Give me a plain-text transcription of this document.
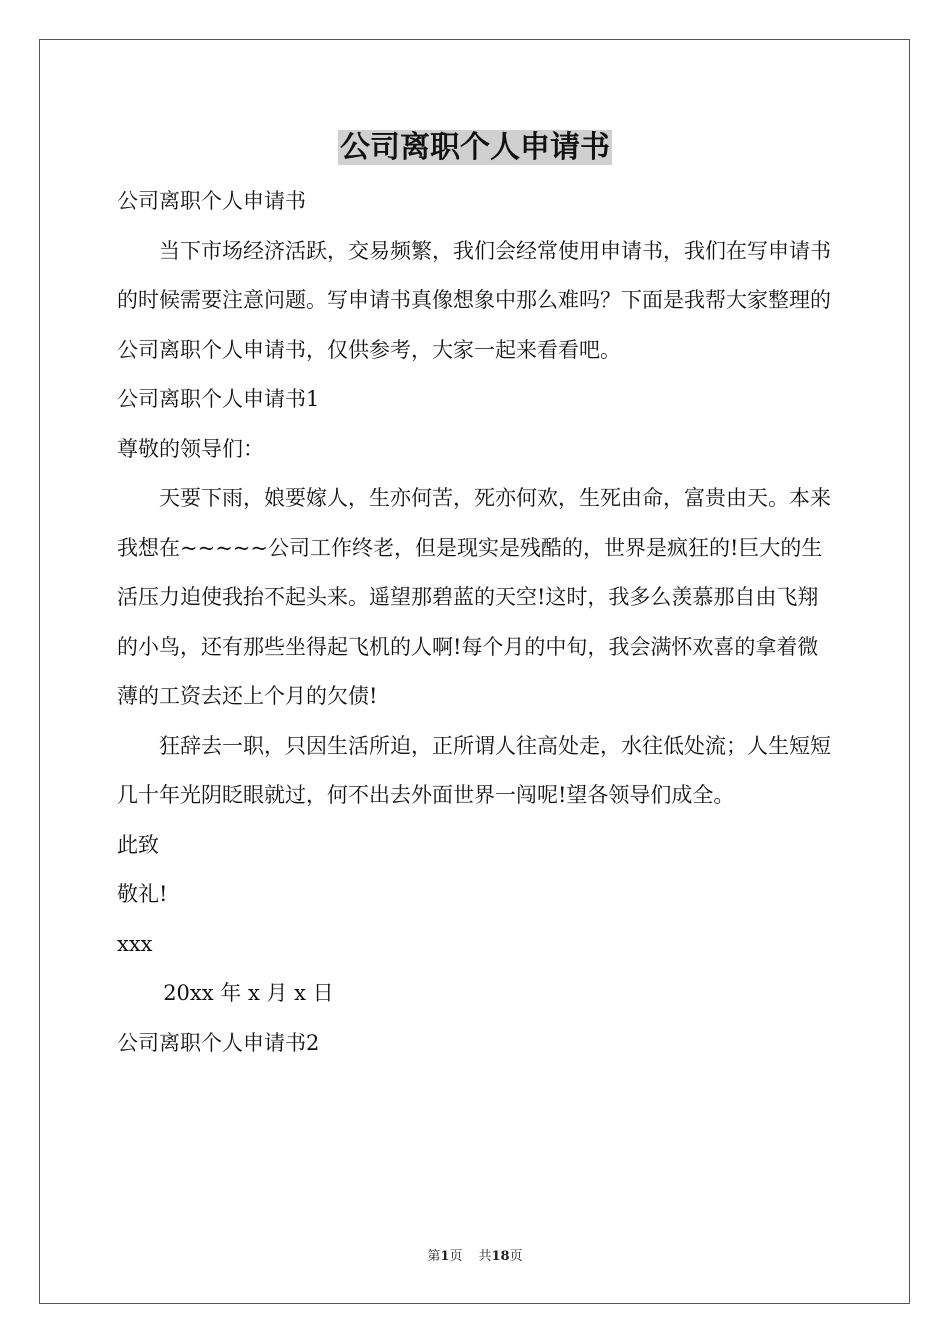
公司离职个人申请书

公司离职个人申请书

当下市场经济活跃，交易频繁，我们会经常使用申请书，我们在写申请书的时候需要注意问题。写申请书真像想象中那么难吗？下面是我帮大家整理的公司离职个人申请书，仅供参考，大家一起来看看吧。

公司离职个人申请书1

尊敬的领导们：

天要下雨，娘要嫁人，生亦何苦，死亦何欢，生死由命，富贵由天。本来我想在~~~~~公司工作终老，但是现实是残酷的，世界是疯狂的!巨大的生活压力迫使我抬不起头来。遥望那碧蓝的天空!这时，我多么羡慕那自由飞翔的小鸟，还有那些坐得起飞机的人啊!每个月的中旬，我会满怀欢喜的拿着微薄的工资去还上个月的欠债!

狂辞去一职，只因生活所迫，正所谓人往高处走，水往低处流；人生短短几十年光阴眨眼就过，何不出去外面世界一闯呢!望各领导们成全。

此致

敬礼!

xxx

20xx 年 x 月 x 日

公司离职个人申请书2

第1页 共18页
